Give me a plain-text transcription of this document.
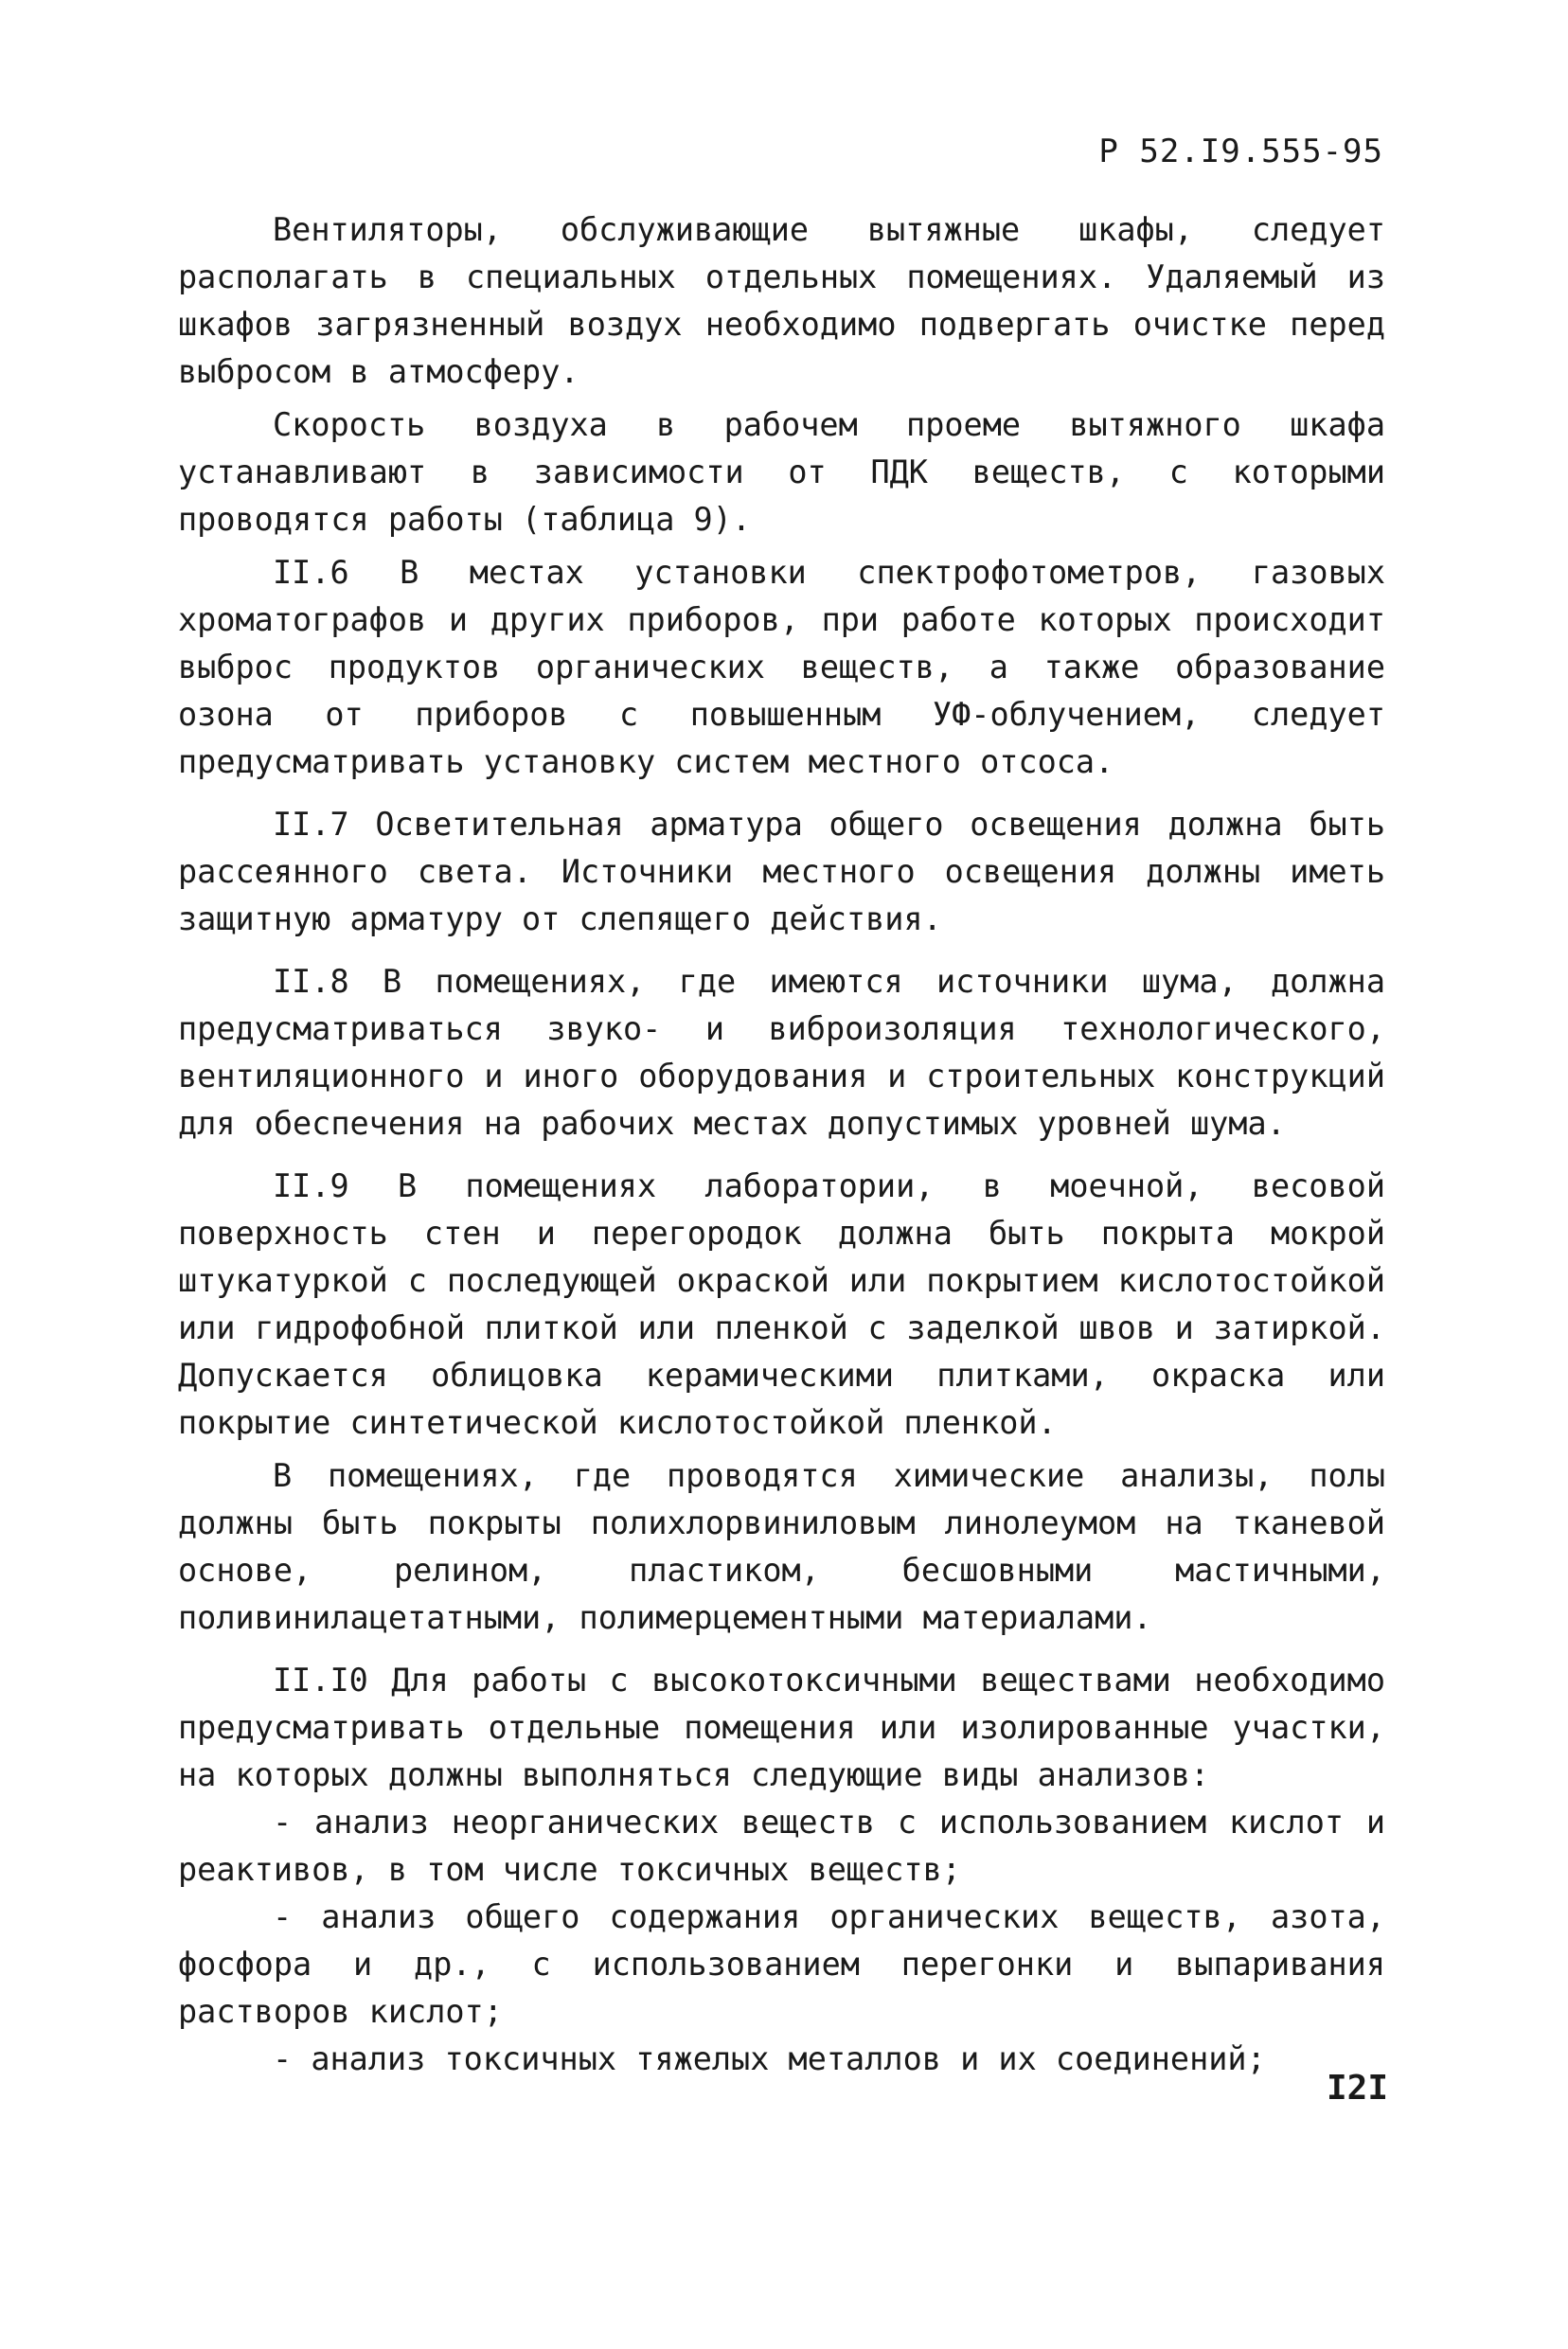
Р 52.I9.555-95

Вентиляторы, обслуживающие вытяжные шкафы, следует располагать в специальных отдельных помещениях. Удаляемый из шкафов загрязненный воздух необходимо подвергать очистке перед выбросом в атмосферу.

Скорость воздуха в рабочем проеме вытяжного шкафа устанавливают в зависимости от ПДК веществ, с которыми проводятся работы (таблица 9).

II.6 В местах установки спектрофотометров, газовых хроматографов и других приборов, при работе которых происходит выброс продуктов органических веществ, а также образование озона от приборов с повышенным УФ-облучением, следует предусматривать установку систем местного отсоса.

II.7 Осветительная арматура общего освещения должна быть рассеянного света. Источники местного освещения должны иметь защитную арматуру от слепящего действия.

II.8 В помещениях, где имеются источники шума, должна предусматриваться звуко- и виброизоляция технологического, вентиляционного и иного оборудования и строительных конструкций для обеспечения на рабочих местах допустимых уровней шума.

II.9 В помещениях лаборатории, в моечной, весовой поверхность стен и перегородок должна быть покрыта мокрой штукатуркой с последующей окраской или покрытием кислотостойкой или гидрофобной плиткой или пленкой с заделкой швов и затиркой. Допускается облицовка керамическими плитками, окраска или покрытие синтетической кислотостойкой пленкой.

В помещениях, где проводятся химические анализы, полы должны быть покрыты полихлорвиниловым линолеумом на тканевой основе, релином, пластиком, бесшовными мастичными, поливинилацетатными, полимерцементными материалами.

II.I0 Для работы с высокотоксичными веществами необходимо предусматривать отдельные помещения или изолированные участки, на которых должны выполняться следующие виды анализов:

- анализ неорганических веществ с использованием кислот и реактивов, в том числе токсичных веществ;

- анализ общего содержания органических веществ, азота, фосфора и др., с использованием перегонки и выпаривания растворов кислот;

- анализ токсичных тяжелых металлов и их соединений;

I2I
